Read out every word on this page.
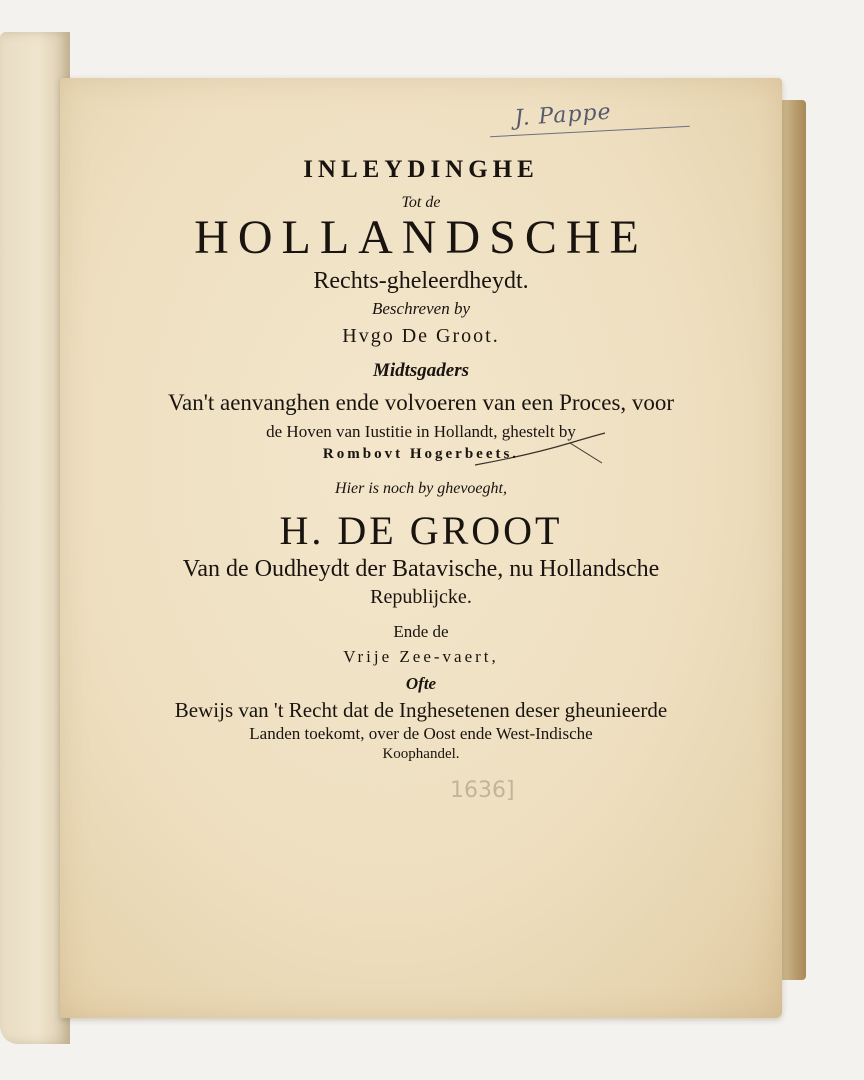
J. Pappe
INLEYDINGHE
Tot de
HOLLANDSCHE
Rechts-gheleerdheydt.
Beschreven by
Hvgo De Groot.
Midtsgaders
Van't aenvanghen ende volvoeren van een Proces, voor
de Hoven van Iustitie in Hollandt, ghestelt by
Rombovt Hogerbeets.
Hier is noch by ghevoeght,
H. DE GROOT
Van de Oudheydt der Batavische, nu Hollandsche
Republijcke.
Ende de
Vrije Zee-vaert,
Ofte
Bewijs van 't Recht dat de Inghesetenen deser gheunieerde
Landen toekomt, over de Oost ende West-Indische
Koophandel.
1636]
